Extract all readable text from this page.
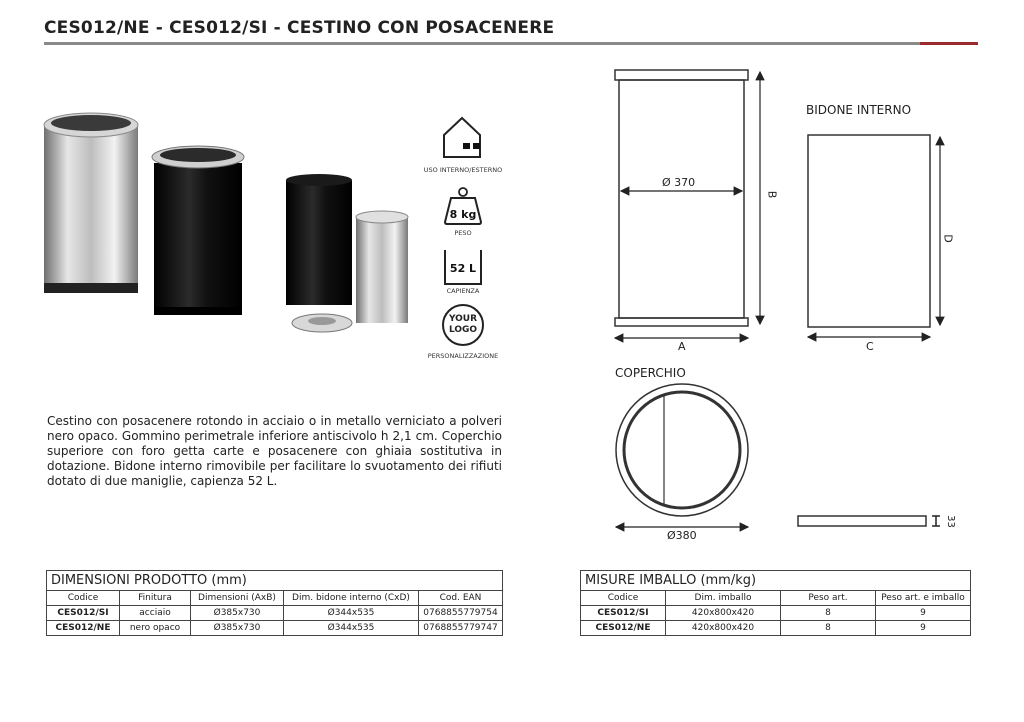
CES012/NE - CES012/SI - CESTINO CON POSACENERE
USO INTERNO/ESTERNO
8 kg
PESO
52 L
CAPIENZA
YOUR
LOGO
PERSONALIZZAZIONE
Cestino con posacenere rotondo in acciaio o in metallo verniciato a polveri nero opaco. Gommino perimetrale inferiore antiscivolo h 2,1 cm. Coperchio superiore con foro getta carte e posacenere con ghiaia sostitutiva in dotazione. Bidone interno rimovibile per facilitare lo svuotamento dei rifiuti dotato di due maniglie, capienza 52 L.
Ø 370
A
B
BIDONE INTERNO
C
D
COPERCHIO
Ø380
33
DIMENSIONI PRODOTTO (mm)				
Codice	Finitura	Dimensioni (AxB)	Dim. bidone interno (CxD)	Cod. EAN
CES012/SI	acciaio	Ø385x730	Ø344x535	0768855779754
CES012/NE	nero opaco	Ø385x730	Ø344x535	0768855779747
MISURE IMBALLO (mm/kg)			
Codice	Dim. imballo	Peso art.	Peso art. e imballo
CES012/SI	420x800x420	8	9
CES012/NE	420x800x420	8	9
